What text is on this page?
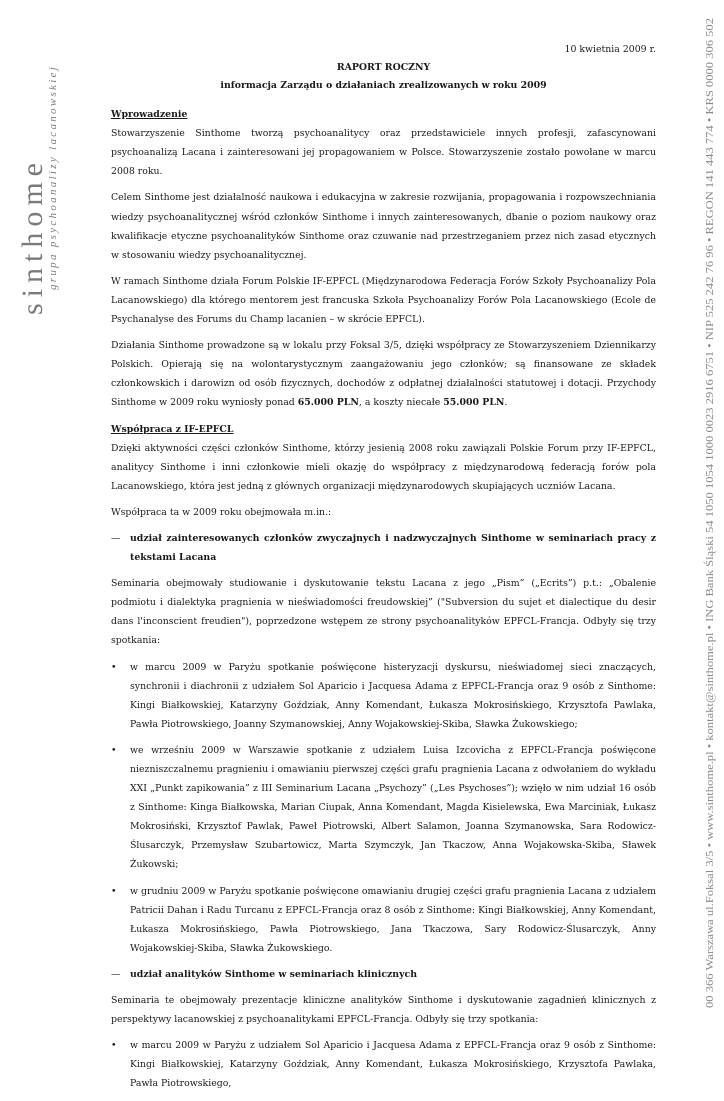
sinthome
grupa psychoanalizy lacanowskiej
00 366 Warszawa ul.Foksal 3/5 • www.sinthome.pl • kontakt@sinthome.pl • ING Bank Śląski 54 1050 1054 1000 0023 2916 6751 • NIP 525 242 76 96 • REGON 141 443 774 • KRS 0000 306 502

10 kwietnia 2009 r.

RAPORT ROCZNY

informacja Zarządu o działaniach zrealizowanych w roku 2009

Wprowadzenie

Stowarzyszenie Sinthome tworzą psychoanalitycy oraz przedstawiciele innych profesji, zafascynowani psychoanalizą Lacana i zainteresowani jej propagowaniem w Polsce. Stowarzyszenie zostało powołane w marcu 2008 roku.

Celem Sinthome jest działalność naukowa i edukacyjna w zakresie rozwijania, propagowania i rozpowszechniania wiedzy psychoanalitycznej wśród członków Sinthome i innych zainteresowanych, dbanie o poziom naukowy oraz kwalifikacje etyczne psychoanalityków Sinthome oraz czuwanie nad przestrzeganiem przez nich zasad etycznych w stosowaniu wiedzy psychoanalitycznej.

W ramach Sinthome działa Forum Polskie IF-EPFCL (Międzynarodowa Federacja Forów Szkoły Psychoanalizy Pola Lacanowskiego) dla którego mentorem jest francuska Szkoła Psychoanalizy Forów Pola Lacanowskiego (Ecole de Psychanalyse des Forums du Champ lacanien – w skrócie EPFCL).

Działania Sinthome prowadzone są w lokalu przy Foksal 3/5, dzięki współpracy ze Stowarzyszeniem Dziennikarzy Polskich. Opierają się na wolontarystycznym zaangażowaniu jego członków; są finansowane ze składek członkowskich i darowizn od osób fizycznych, dochodów z odpłatnej działalności statutowej i dotacji. Przychody Sinthome w 2009 roku wyniosły ponad 65.000 PLN, a koszty niecałe 55.000 PLN.

Współpraca z IF-EPFCL

Dzięki aktywności części członków Sinthome, którzy jesienią 2008 roku zawiązali Polskie Forum przy IF-EPFCL, analitycy Sinthome i inni członkowie mieli okazję do współpracy z międzynarodową federacją forów pola Lacanowskiego, która jest jedną z głównych organizacji międzynarodowych skupiających uczniów Lacana.

Współpraca ta w 2009 roku obejmowała m.in.:

— udział zainteresowanych członków zwyczajnych i nadzwyczajnych Sinthome w seminariach pracy z tekstami Lacana

Seminaria obejmowały studiowanie i dyskutowanie tekstu Lacana z jego „Pism” („Ecrits”) p.t.: „Obalenie podmiotu i dialektyka pragnienia w nieświadomości freudowskiej” ("Subversion du sujet et dialectique du desir dans l'inconscient freudien"), poprzedzone wstępem ze strony psychoanalityków EPFCL-Francja. Odbyły się trzy spotkania:

• w marcu 2009 w Paryżu spotkanie poświęcone histeryzacji dyskursu, nieświadomej sieci znaczących, synchronii i diachronii z udziałem Sol Aparicio i Jacquesa Adama z EPFCL-Francja oraz 9 osób z Sinthome: Kingi Białkowskiej, Katarzyny Goździak, Anny Komendant, Łukasza Mokrosińskiego, Krzysztofa Pawlaka, Pawła Piotrowskiego, Joanny Szymanowskiej, Anny Wojakowskiej-Skiba, Sławka Żukowskiego;

• we wrześniu 2009 w Warszawie spotkanie z udziałem Luisa Izcovicha z EPFCL-Francja poświęcone niezniszczalnemu pragnieniu i omawianiu pierwszej części grafu pragnienia Lacana z odwołaniem do wykładu XXI „Punkt zapikowania” z III Seminarium Lacana „Psychozy” („Les Psychoses”); wzięło w nim udział 16 osób z Sinthome: Kinga Białkowska, Marian Ciupak, Anna Komendant, Magda Kisielewska, Ewa Marciniak, Łukasz Mokrosiński, Krzysztof Pawlak, Paweł Piotrowski, Albert Salamon, Joanna Szymanowska, Sara Rodowicz-Ślusarczyk, Przemysław Szubartowicz, Marta Szymczyk, Jan Tkaczow, Anna Wojakowska-Skiba, Sławek Żukowski;

• w grudniu 2009 w Paryżu spotkanie poświęcone omawianiu drugiej części grafu pragnienia Lacana z udziałem Patricii Dahan i Radu Turcanu z EPFCL-Francja oraz 8 osób z Sinthome: Kingi Białkowskiej, Anny Komendant, Łukasza Mokrosińskiego, Pawła Piotrowskiego, Jana Tkaczowa, Sary Rodowicz-Ślusarczyk, Anny Wojakowskiej-Skiba, Sławka Żukowskiego.

— udział analityków Sinthome w seminariach klinicznych

Seminaria te obejmowały prezentacje kliniczne analityków Sinthome i dyskutowanie zagadnień klinicznych z perspektywy lacanowskiej z psychoanalitykami EPFCL-Francja. Odbyły się trzy spotkania:

• w marcu 2009 w Paryżu z udziałem Sol Aparicio i Jacquesa Adama z EPFCL-Francja oraz 9 osób z Sinthome: Kingi Białkowskiej, Katarzyny Goździak, Anny Komendant, Łukasza Mokrosińskiego, Krzysztofa Pawlaka, Pawła Piotrowskiego,
